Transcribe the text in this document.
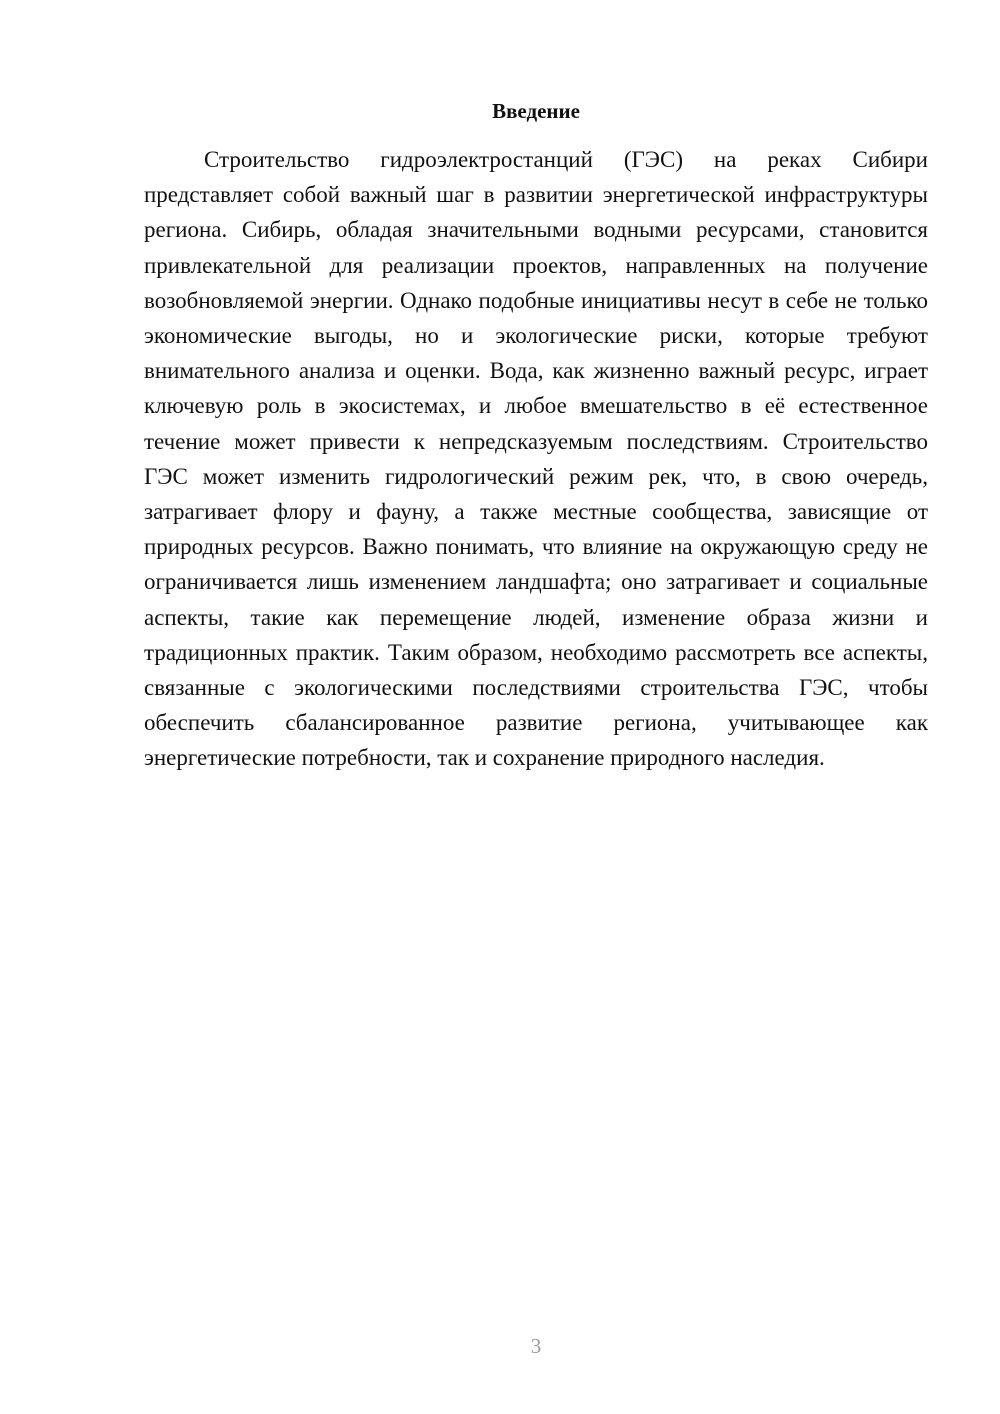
Введение

Строительство гидроэлектростанций (ГЭС) на реках Сибири представляет собой важный шаг в развитии энергетической инфраструктуры региона. Сибирь, обладая значительными водными ресурсами, становится привлекательной для реализации проектов, направленных на получение возобновляемой энергии. Однако подобные инициативы несут в себе не только экономические выгоды, но и экологические риски, которые требуют внимательного анализа и оценки. Вода, как жизненно важный ресурс, играет ключевую роль в экосистемах, и любое вмешательство в её естественное течение может привести к непредсказуемым последствиям. Строительство ГЭС может изменить гидрологический режим рек, что, в свою очередь, затрагивает флору и фауну, а также местные сообщества, зависящие от природных ресурсов. Важно понимать, что влияние на окружающую среду не ограничивается лишь изменением ландшафта; оно затрагивает и социальные аспекты, такие как перемещение людей, изменение образа жизни и традиционных практик. Таким образом, необходимо рассмотреть все аспекты, связанные с экологическими последствиями строительства ГЭС, чтобы обеспечить сбалансированное развитие региона, учитывающее как энергетические потребности, так и сохранение природного наследия.

3
